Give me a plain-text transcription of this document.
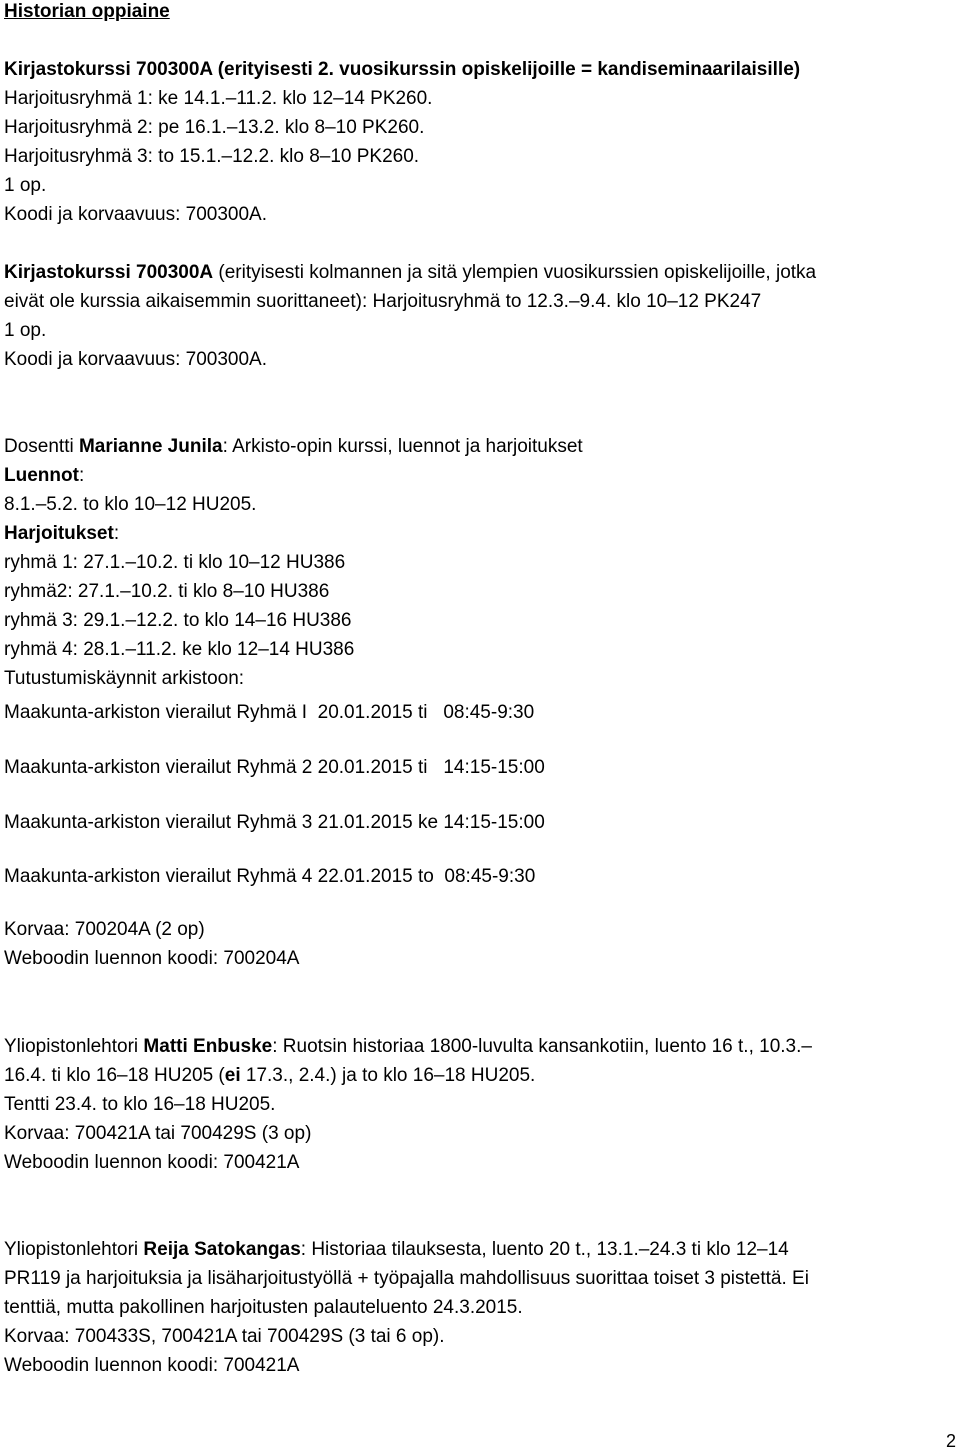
Historian oppiaine

Kirjastokurssi 700300A (erityisesti 2. vuosikurssin opiskelijoille = kandiseminaarilaisille)

Harjoitusryhmä 1: ke 14.1.–11.2. klo 12–14 PK260.

Harjoitusryhmä 2: pe 16.1.–13.2. klo 8–10 PK260.

Harjoitusryhmä 3: to 15.1.–12.2. klo 8–10 PK260.

1 op.

Koodi ja korvaavuus: 700300A.

Kirjastokurssi 700300A (erityisesti kolmannen ja sitä ylempien vuosikurssien opiskelijoille, jotka

eivät ole kurssia aikaisemmin suorittaneet): Harjoitusryhmä to 12.3.–9.4. klo 10–12 PK247

1 op.

Koodi ja korvaavuus: 700300A.

Dosentti Marianne Junila: Arkisto-opin kurssi, luennot ja harjoitukset

Luennot:

8.1.–5.2. to klo 10–12 HU205.

Harjoitukset:

ryhmä 1: 27.1.–10.2. ti klo 10–12 HU386

ryhmä2: 27.1.–10.2. ti klo 8–10 HU386

ryhmä 3: 29.1.–12.2. to klo 14–16 HU386

ryhmä 4: 28.1.–11.2. ke klo 12–14 HU386

Tutustumiskäynnit arkistoon:

Maakunta-arkiston vierailut Ryhmä I  20.01.2015 ti   08:45-9:30

Maakunta-arkiston vierailut Ryhmä 2 20.01.2015 ti   14:15-15:00

Maakunta-arkiston vierailut Ryhmä 3 21.01.2015 ke 14:15-15:00

Maakunta-arkiston vierailut Ryhmä 4 22.01.2015 to  08:45-9:30

Korvaa: 700204A (2 op)

Weboodin luennon koodi: 700204A

Yliopistonlehtori Matti Enbuske: Ruotsin historiaa 1800-luvulta kansankotiin, luento 16 t., 10.3.–

16.4. ti klo 16–18 HU205 (ei 17.3., 2.4.) ja to klo 16–18 HU205.

Tentti 23.4. to klo 16–18 HU205.

Korvaa: 700421A tai 700429S (3 op)

Weboodin luennon koodi: 700421A

Yliopistonlehtori Reija Satokangas: Historiaa tilauksesta, luento 20 t., 13.1.–24.3 ti klo 12–14

PR119 ja harjoituksia ja lisäharjoitustyöllä + työpajalla mahdollisuus suorittaa toiset 3 pistettä. Ei

tenttiä, mutta pakollinen harjoitusten palauteluento 24.3.2015.

Korvaa: 700433S, 700421A tai 700429S (3 tai 6 op).

Weboodin luennon koodi: 700421A

2
